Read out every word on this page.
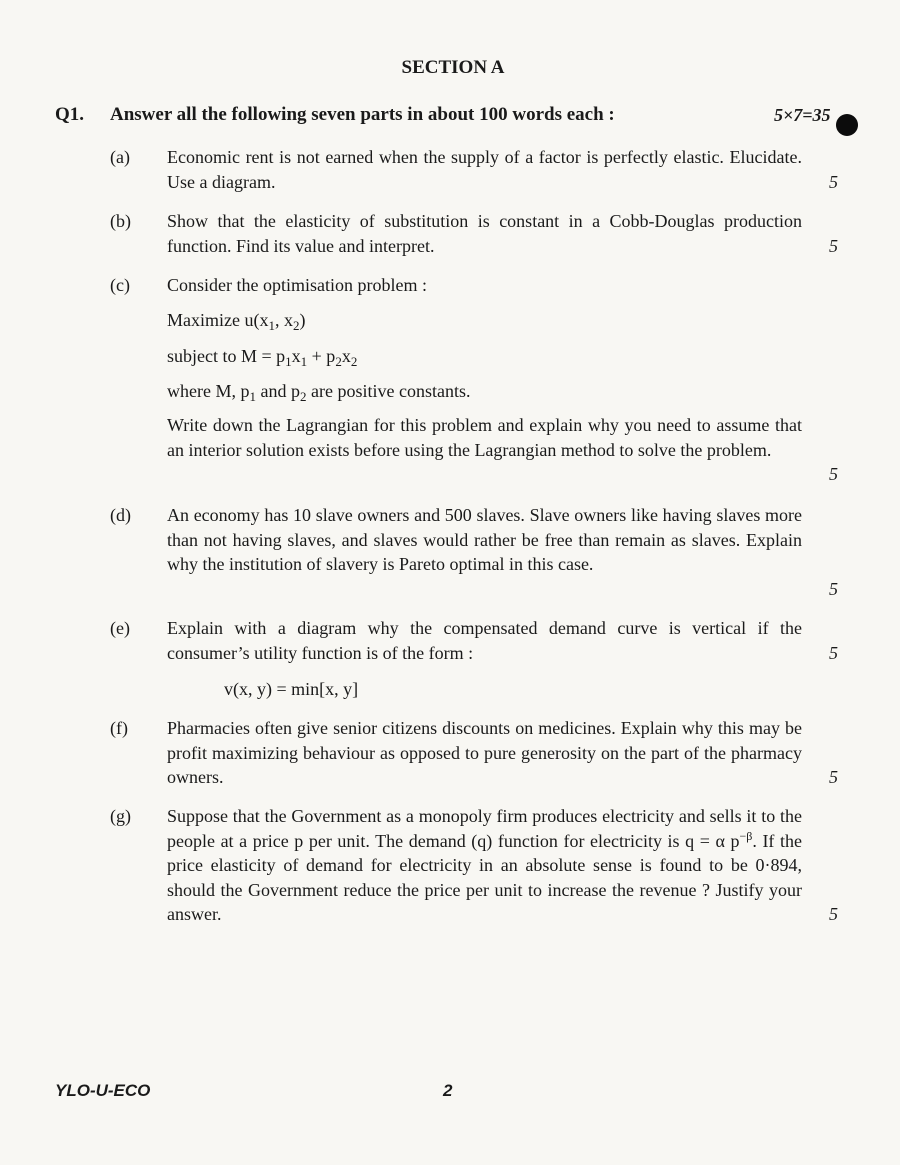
SECTION A
Q1. Answer all the following seven parts in about 100 words each :	5×7=35
(a) Economic rent is not earned when the supply of a factor is perfectly elastic. Elucidate. Use a diagram.	5
(b) Show that the elasticity of substitution is constant in a Cobb-Douglas production function. Find its value and interpret.	5
(c) Consider the optimisation problem :
Maximize $u(x_1$, $x_2$)
subject to $M = p_1x_1 + p_2x_2$
where M, $p_1$ and $p_2$ are positive constants.
Write down the Lagrangian for this problem and explain why you need to assume that an interior solution exists before using the Lagrangian method to solve the problem.
5
(d) An economy has 10 slave owners and 500 slaves. Slave owners like having slaves more than not having slaves, and slaves would rather be free than remain as slaves. Explain why the institution of slavery is Pareto optimal in this case.
5
(e) Explain with a diagram why the compensated demand curve is vertical if the consumer’s utility function is of the form :	5
v(x, y) = min[x, y]
(f) Pharmacies often give senior citizens discounts on medicines. Explain why this may be profit maximizing behaviour as opposed to pure generosity on the part of the pharmacy owners.	5
(g) Suppose that the Government as a monopoly firm produces electricity and sells it to the people at a price p per unit. The demand (q) function for electricity is q = α $p^{-\beta}$. If the price elasticity of demand for electricity in an absolute sense is found to be 0·894, should the Government reduce the price per unit to increase the revenue ? Justify your answer.	5
YLO-U-ECO	2
